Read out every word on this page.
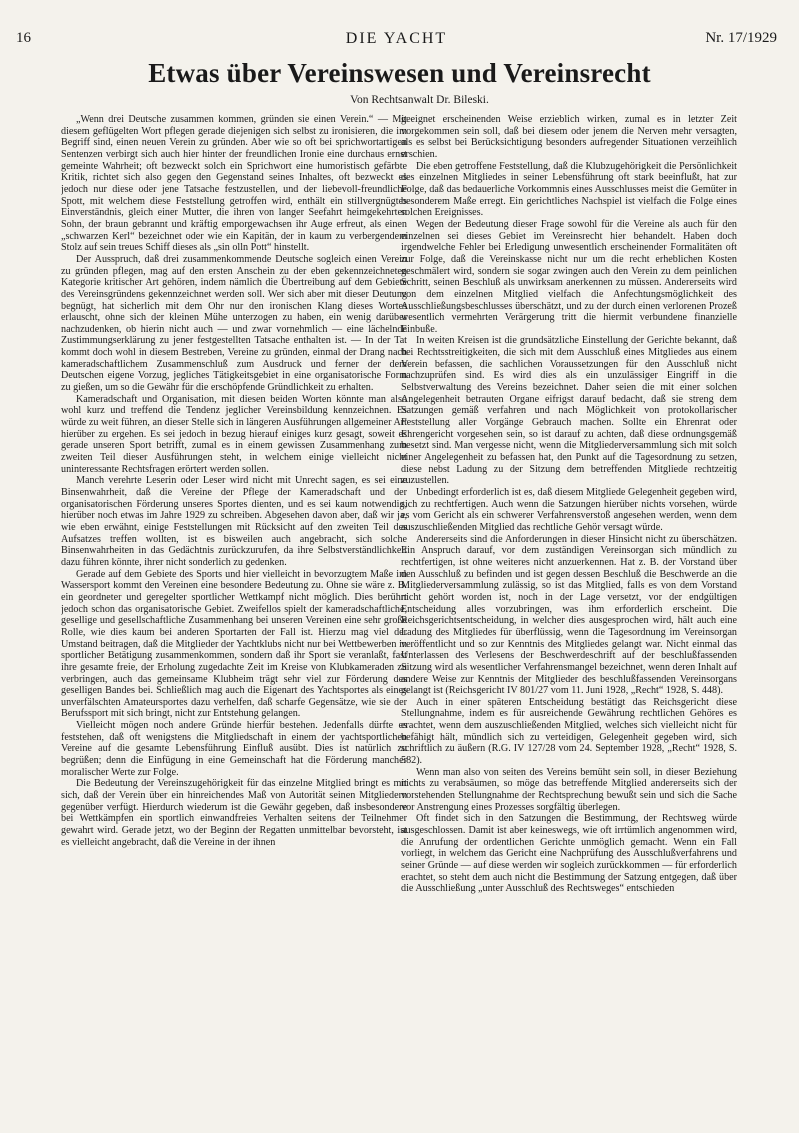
16	DIE YACHT	Nr. 17/1929
Etwas über Vereinswesen und Vereinsrecht
Von Rechtsanwalt Dr. Bileski.

„Wenn drei Deutsche zusammen kommen, gründen sie einen Verein.“ — Mit diesem geflügelten Wort pflegen gerade diejenigen sich selbst zu ironisieren, die im Begriff sind, einen neuen Verein zu gründen. Aber wie so oft bei sprichwortartigen Sentenzen verbirgt sich auch hier hinter der freundlichen Ironie eine durchaus ernst gemeinte Wahrheit; oft bezweckt solch ein Sprichwort eine humoristisch gefärbte Kritik, richtet sich also gegen den Gegenstand seines Inhaltes, oft bezweckt es jedoch nur diese oder jene Tatsache festzustellen, und der liebevoll-freundliche Spott, mit welchem diese Feststellung getroffen wird, enthält ein stillvergnügtes Einverständnis, gleich einer Mutter, die ihren von langer Seefahrt heimgekehrten Sohn, der braun gebrannt und kräftig emporgewachsen ihr Auge erfreut, als einen „schwarzen Kerl“ bezeichnet oder wie ein Kapitän, der in kaum zu verbergendem Stolz auf sein treues Schiff dieses als „sin olln Pott“ hinstellt.

Der Ausspruch, daß drei zusammenkommende Deutsche sogleich einen Verein zu gründen pflegen, mag auf den ersten Anschein zu der eben gekennzeichneten Kategorie kritischer Art gehören, indem nämlich die Übertreibung auf dem Gebiete des Vereinsgründens gekennzeichnet werden soll. Wer sich aber mit dieser Deutung begnügt, hat sicherlich mit dem Ohr nur den ironischen Klang dieses Wortes erlauscht, ohne sich der kleinen Mühe unterzogen zu haben, ein wenig darüber nachzudenken, ob hierin nicht auch — und zwar vornehmlich — eine lächelnde Zustimmungserklärung zu jener festgestellten Tatsache enthalten ist. — In der Tat kommt doch wohl in diesem Bestreben, Vereine zu gründen, einmal der Drang nach kameradschaftlichem Zusammenschluß zum Ausdruck und ferner der dem Deutschen eigene Vorzug, jegliches Tätigkeitsgebiet in eine organisatorische Form zu gießen, um so die Gewähr für die erschöpfende Gründlichkeit zu erhalten.

Kameradschaft und Organisation, mit diesen beiden Worten könnte man also wohl kurz und treffend die Tendenz jeglicher Vereinsbildung kennzeichnen. Es würde zu weit führen, an dieser Stelle sich in längeren Ausführungen allgemeiner Art hierüber zu ergehen. Es sei jedoch in bezug hierauf einiges kurz gesagt, soweit es gerade unseren Sport betrifft, zumal es in einem gewissen Zusammenhang zum zweiten Teil dieser Ausführungen steht, in welchem einige vielleicht nicht uninteressante Rechtsfragen erörtert werden sollen.

Manch verehrte Leserin oder Leser wird nicht mit Unrecht sagen, es sei eine Binsenwahrheit, daß die Vereine der Pflege der Kameradschaft und der organisatorischen Förderung unseres Sportes dienten, und es sei kaum notwendig, hierüber noch etwas im Jahre 1929 zu schreiben. Abgesehen davon aber, daß wir ja, wie eben erwähnt, einige Feststellungen mit Rücksicht auf den zweiten Teil des Aufsatzes treffen wollten, ist es bisweilen auch angebracht, sich solche Binsenwahrheiten in das Gedächtnis zurückzurufen, da ihre Selbstverständlichkeit dazu führen könnte, ihrer nicht sonderlich zu gedenken.

Gerade auf dem Gebiete des Sports und hier vielleicht in bevorzugtem Maße im Wassersport kommt den Vereinen eine besondere Bedeutung zu. Ohne sie wäre z. B. ein geordneter und geregelter sportlicher Wettkampf nicht möglich. Dies berührt jedoch schon das organisatorische Gebiet. Zweifellos spielt der kameradschaftliche, gesellige und gesellschaftliche Zusammenhang bei unseren Vereinen eine sehr große Rolle, wie dies kaum bei anderen Sportarten der Fall ist. Hierzu mag viel der Umstand beitragen, daß die Mitglieder der Yachtklubs nicht nur bei Wettbewerben in sportlicher Betätigung zusammenkommen, sondern daß ihr Sport sie veranlaßt, fast ihre gesamte freie, der Erholung zugedachte Zeit im Kreise von Klubkameraden zu verbringen, auch das gemeinsame Klubheim trägt sehr viel zur Förderung des geselligen Bandes bei. Schließlich mag auch die Eigenart des Yachtsportes als eines unverfälschten Amateursportes dazu verhelfen, daß scharfe Gegensätze, wie sie der Berufssport mit sich bringt, nicht zur Entstehung gelangen.

Vielleicht mögen noch andere Gründe hierfür bestehen. Jedenfalls dürfte es feststehen, daß oft wenigstens die Mitgliedschaft in einem der yachtsportlichen Vereine auf die gesamte Lebensführung Einfluß ausübt. Dies ist natürlich zu begrüßen; denn die Einfügung in eine Gemeinschaft hat die Förderung mancher moralischer Werte zur Folge.

Die Bedeutung der Vereinszugehörigkeit für das einzelne Mitglied bringt es mit sich, daß der Verein über ein hinreichendes Maß von Autorität seinen Mitgliedern gegenüber verfügt. Hierdurch wiederum ist die Gewähr gegeben, daß insbesondere bei Wettkämpfen ein sportlich einwandfreies Verhalten seitens der Teilnehmer gewahrt wird. Gerade jetzt, wo der Beginn der Regatten unmittelbar bevorsteht, ist es vielleicht angebracht, daß die Vereine in der ihnen

geeignet erscheinenden Weise erzieblich wirken, zumal es in letzter Zeit vorgekommen sein soll, daß bei diesem oder jenem die Nerven mehr versagten, als es selbst bei Berücksichtigung besonders aufregender Situationen verzeihlich erschien.

Die eben getroffene Feststellung, daß die Klubzugehörigkeit die Persönlichkeit des einzelnen Mitgliedes in seiner Lebensführung oft stark beeinflußt, hat zur Folge, daß das bedauerliche Vorkommnis eines Ausschlusses meist die Gemüter in besonderem Maße erregt. Ein gerichtliches Nachspiel ist vielfach die Folge eines solchen Ereignisses.

Wegen der Bedeutung dieser Frage sowohl für die Vereine als auch für den einzelnen sei dieses Gebiet im Vereinsrecht hier behandelt. Haben doch irgendwelche Fehler bei Erledigung unwesentlich erscheinender Formalitäten oft zur Folge, daß die Vereinskasse nicht nur um die recht erheblichen Kosten geschmälert wird, sondern sie sogar zwingen auch den Verein zu dem peinlichen Schritt, seinen Beschluß als unwirksam anerkennen zu müssen. Andererseits wird von dem einzelnen Mitglied vielfach die Anfechtungsmöglichkeit des Ausschließungsbeschlusses überschätzt, und zu der durch einen verlorenen Prozeß wesentlich vermehrten Verärgerung tritt die hiermit verbundene finanzielle Einbuße.

In weiten Kreisen ist die grundsätzliche Einstellung der Gerichte bekannt, daß bei Rechtsstreitigkeiten, die sich mit dem Ausschluß eines Mitgliedes aus einem Verein befassen, die sachlichen Voraussetzungen für den Ausschluß nicht nachzuprüfen sind. Es wird dies als ein unzulässiger Eingriff in die Selbstverwaltung des Vereins bezeichnet. Daher seien die mit einer solchen Angelegenheit betrauten Organe eifrigst darauf bedacht, daß sie streng dem Satzungen gemäß verfahren und nach Möglichkeit von protokollarischer Feststellung aller Vorgänge Gebrauch machen. Sollte ein Ehrenrat oder Ehrengericht vorgesehen sein, so ist darauf zu achten, daß diese ordnungsgemäß besetzt sind. Man vergesse nicht, wenn die Mitgliederversammlung sich mit solch einer Angelegenheit zu befassen hat, den Punkt auf die Tagesordnung zu setzen, diese nebst Ladung zu der Sitzung dem betreffenden Mitgliede rechtzeitig zuzustellen.

Unbedingt erforderlich ist es, daß diesem Mitgliede Gelegenheit gegeben wird, sich zu rechtfertigen. Auch wenn die Satzungen hierüber nichts vorsehen, würde es vom Gericht als ein schwerer Verfahrensverstoß angesehen werden, wenn dem auszuschließenden Mitglied das rechtliche Gehör versagt würde.

Andererseits sind die Anforderungen in dieser Hinsicht nicht zu überschätzen. Ein Anspruch darauf, vor dem zuständigen Vereinsorgan sich mündlich zu rechtfertigen, ist ohne weiteres nicht anzuerkennen. Hat z. B. der Vorstand über den Ausschluß zu befinden und ist gegen dessen Beschluß die Beschwerde an die Mitgliederversammlung zulässig, so ist das Mitglied, falls es von dem Vorstand nicht gehört worden ist, noch in der Lage versetzt, vor der endgültigen Entscheidung alles vorzubringen, was ihm erforderlich erscheint. Die Reichsgerichtsentscheidung, in welcher dies ausgesprochen wird, hält auch eine Ladung des Mitgliedes für überflüssig, wenn die Tagesordnung im Vereinsorgan veröffentlicht und so zur Kenntnis des Mitgliedes gelangt war. Nicht einmal das Unterlassen des Verlesens der Beschwerdeschrift auf der beschlußfassenden Sitzung wird als wesentlicher Verfahrensmangel bezeichnet, wenn deren Inhalt auf andere Weise zur Kenntnis der Mitglieder des beschlußfassenden Vereinsorgans gelangt ist (Reichsgericht IV 801/27 vom 11. Juni 1928, „Recht“ 1928, S. 448).

Auch in einer späteren Entscheidung bestätigt das Reichsgericht diese Stellungnahme, indem es für ausreichende Gewährung rechtlichen Gehöres es erachtet, wenn dem auszuschließenden Mitglied, welches sich vielleicht nicht für befähigt hält, mündlich sich zu verteidigen, Gelegenheit gegeben wird, sich schriftlich zu äußern (R.G. IV 127/28 vom 24. September 1928, „Recht“ 1928, S. 582).

Wenn man also von seiten des Vereins bemüht sein soll, in dieser Beziehung nichts zu verabsäumen, so möge das betreffende Mitglied andererseits sich der vorstehenden Stellungnahme der Rechtsprechung bewußt sein und sich die Sache vor Anstrengung eines Prozesses sorgfältig überlegen.

Oft findet sich in den Satzungen die Bestimmung, der Rechtsweg würde ausgeschlossen. Damit ist aber keineswegs, wie oft irrtümlich angenommen wird, die Anrufung der ordentlichen Gerichte unmöglich gemacht. Wenn ein Fall vorliegt, in welchem das Gericht eine Nachprüfung des Ausschlußverfahrens und seiner Gründe — auf diese werden wir sogleich zurückkommen — für erforderlich erachtet, so steht dem auch nicht die Bestimmung der Satzung entgegen, daß über die Ausschließung „unter Ausschluß des Rechtsweges“ entschieden
